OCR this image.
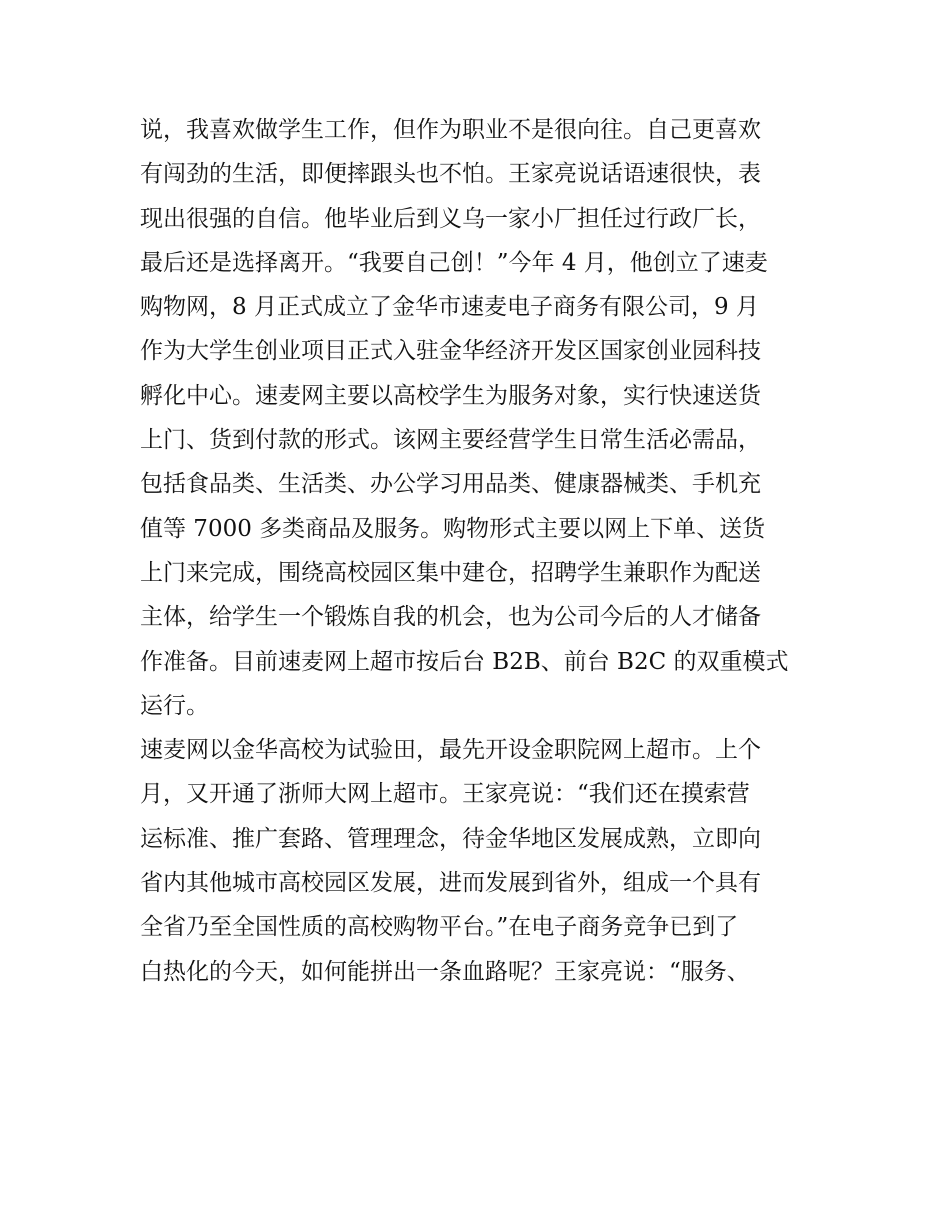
说，我喜欢做学生工作，但作为职业不是很向往。自己更喜欢
有闯劲的生活，即便摔跟头也不怕。王家亮说话语速很快，表
现出很强的自信。他毕业后到义乌一家小厂担任过行政厂长，
最后还是选择离开。“我要自己创！”今年 4 月，他创立了速麦
购物网，8 月正式成立了金华市速麦电子商务有限公司，9 月
作为大学生创业项目正式入驻金华经济开发区国家创业园科技
孵化中心。速麦网主要以高校学生为服务对象，实行快速送货
上门、货到付款的形式。该网主要经营学生日常生活必需品，
包括食品类、生活类、办公学习用品类、健康器械类、手机充
值等 7000 多类商品及服务。购物形式主要以网上下单、送货
上门来完成，围绕高校园区集中建仓，招聘学生兼职作为配送
主体，给学生一个锻炼自我的机会，也为公司今后的人才储备
作准备。目前速麦网上超市按后台 B2B、前台 B2C 的双重模式
运行。
速麦网以金华高校为试验田，最先开设金职院网上超市。上个
月，又开通了浙师大网上超市。王家亮说：“我们还在摸索营
运标准、推广套路、管理理念，待金华地区发展成熟，立即向
省内其他城市高校园区发展，进而发展到省外，组成一个具有
全省乃至全国性质的高校购物平台。”在电子商务竞争已到了
白热化的今天，如何能拼出一条血路呢？王家亮说：“服务、
